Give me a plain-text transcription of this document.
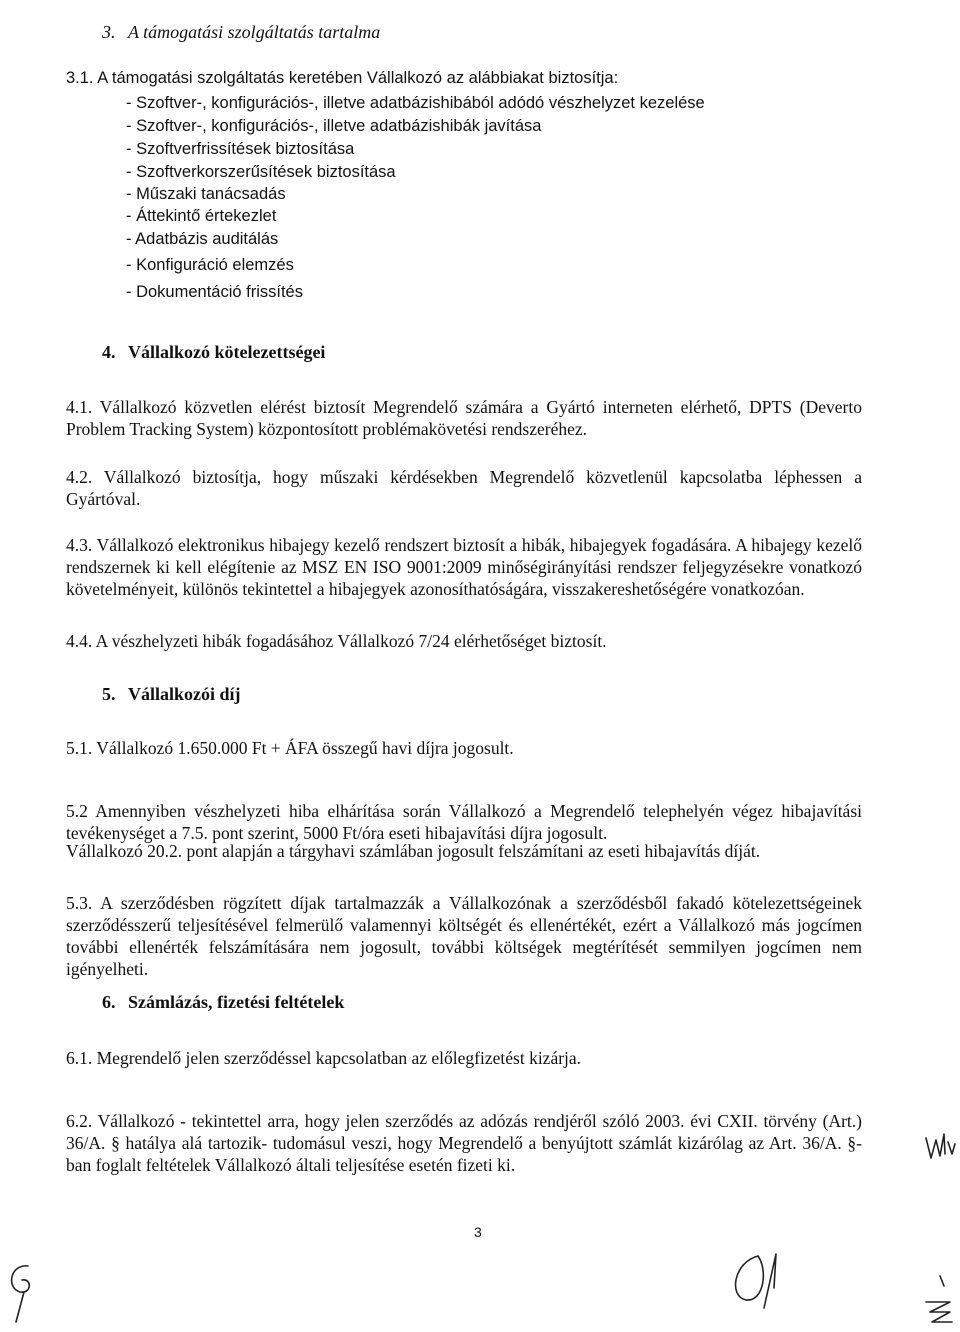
3. A támogatási szolgáltatás tartalma

3.1. A támogatási szolgáltatás keretében Vállalkozó az alábbiakat biztosítja:

- Szoftver-, konfigurációs-, illetve adatbázishibából adódó vészhelyzet kezelése

- Szoftver-, konfigurációs-, illetve adatbázishibák javítása

- Szoftverfrissítések biztosítása

- Szoftverkorszerűsítések biztosítása

- Műszaki tanácsadás

- Áttekintő értekezlet

- Adatbázis auditálás

- Konfiguráció elemzés

- Dokumentáció frissítés

4. Vállalkozó kötelezettségei

4.1. Vállalkozó közvetlen elérést biztosít Megrendelő számára a Gyártó interneten elérhető, DPTS (Deverto Problem Tracking System) központosított problémakövetési rendszeréhez.

4.2. Vállalkozó biztosítja, hogy műszaki kérdésekben Megrendelő közvetlenül kapcsolatba léphessen a Gyártóval.

4.3. Vállalkozó elektronikus hibajegy kezelő rendszert biztosít a hibák, hibajegyek fogadására. A hibajegy kezelő rendszernek ki kell elégítenie az MSZ EN ISO 9001:2009 minőségirányítási rendszer feljegyzésekre vonatkozó követelményeit, különös tekintettel a hibajegyek azonosíthatóságára, visszakereshetőségére vonatkozóan.

4.4. A vészhelyzeti hibák fogadásához Vállalkozó 7/24 elérhetőséget biztosít.

5. Vállalkozói díj

5.1. Vállalkozó 1.650.000 Ft + ÁFA összegű havi díjra jogosult.

5.2 Amennyiben vészhelyzeti hiba elhárítása során Vállalkozó a Megrendelő telephelyén végez hibajavítási tevékenységet a 7.5. pont szerint, 5000 Ft/óra eseti hibajavítási díjra jogosult.

Vállalkozó 20.2. pont alapján a tárgyhavi számlában jogosult felszámítani az eseti hibajavítás díját.

5.3. A szerződésben rögzített díjak tartalmazzák a Vállalkozónak a szerződésből fakadó kötelezettségeinek szerződésszerű teljesítésével felmerülő valamennyi költségét és ellenértékét, ezért a Vállalkozó más jogcímen további ellenérték felszámítására nem jogosult, további költségek megtérítését semmilyen jogcímen nem igényelheti.

6. Számlázás, fizetési feltételek

6.1. Megrendelő jelen szerződéssel kapcsolatban az előlegfizetést kizárja.

6.2. Vállalkozó - tekintettel arra, hogy jelen szerződés az adózás rendjéről szóló 2003. évi CXII. törvény (Art.) 36/A. § hatálya alá tartozik- tudomásul veszi, hogy Megrendelő a benyújtott számlát kizárólag az Art. 36/A. §-ban foglalt feltételek Vállalkozó általi teljesítése esetén fizeti ki.

3
